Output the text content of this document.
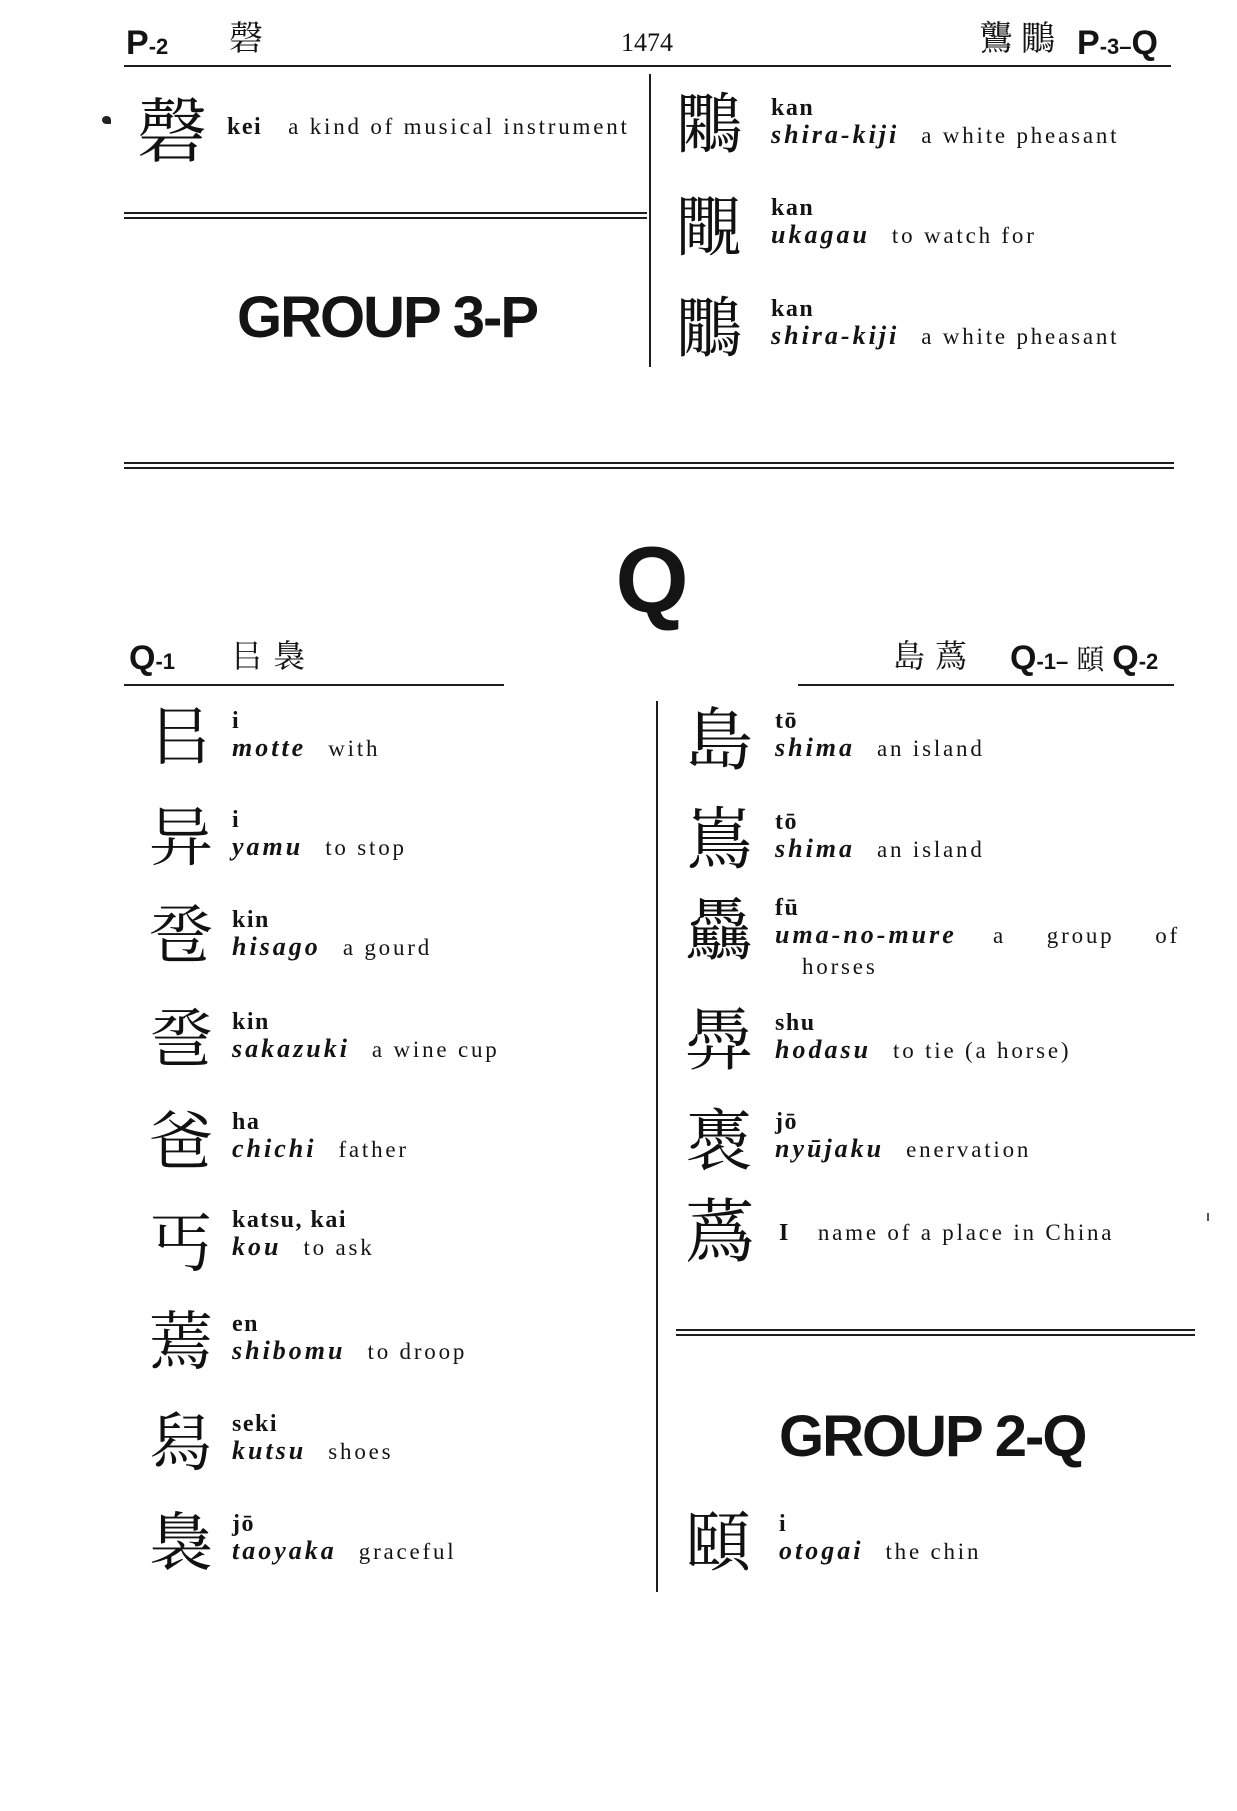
P -2 磬	1474	鸗鷳 P -3– Q
磬 kei a kind of musical instrument
GROUP 3-P
鷴 kan
shira-kiji a white pheasant
覸 kan
ukagau to watch for
鷳 kan
shira-kiji a white pheasant
Q
Q -1 㠯 裊	島 蔿 Q -1– 頤 Q -2
㠯 i
motte with
异 i
yamu to stop
卺 kin
hisago a gourd
巹 kin
sakazuki a wine cup
爸 ha
chichi father
丐 katsu, kai
kou to ask
蔫 en
shibomu to droop
舄 seki
kutsu shoes
裊 jō
taoyaka graceful
島 tō
shima an island
嶌 tō
shima an island
驫 fū
uma-no-mure a group of
horses
馵 shu
hodasu to tie (a horse)
褭 jō
nyūjaku enervation
蔿 I name of a place in China
GROUP 2-Q
頤 i
otogai the chin
